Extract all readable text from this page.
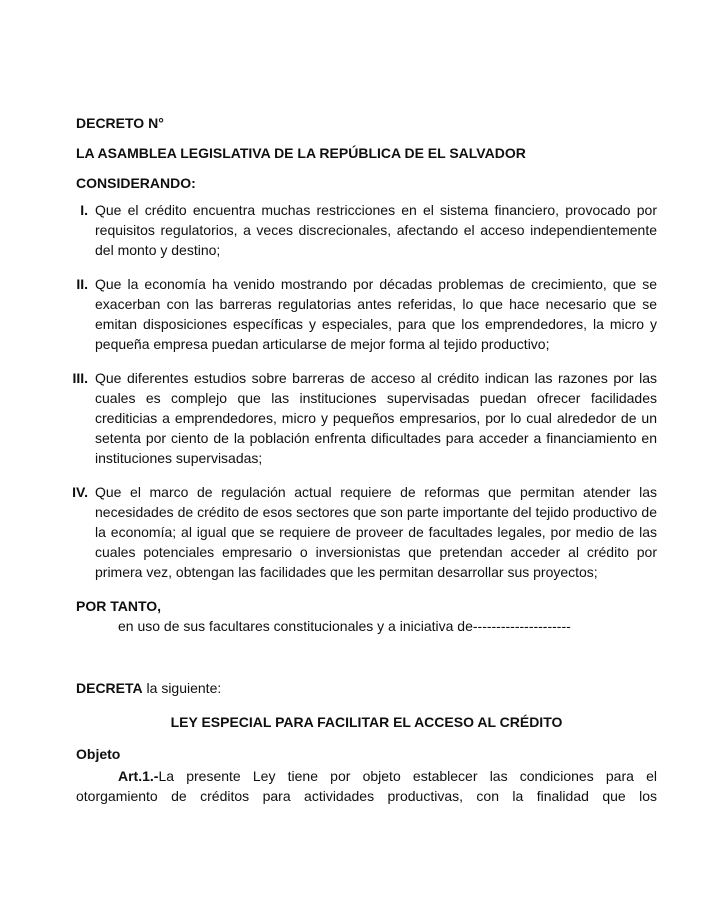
DECRETO N°

LA ASAMBLEA LEGISLATIVA DE LA REPÚBLICA DE EL SALVADOR

CONSIDERANDO:

I. Que el crédito encuentra muchas restricciones en el sistema financiero, provocado por requisitos regulatorios, a veces discrecionales, afectando el acceso independientemente del monto y destino;
II. Que la economía ha venido mostrando por décadas problemas de crecimiento, que se exacerban con las barreras regulatorias antes referidas, lo que hace necesario que se emitan disposiciones específicas y especiales, para que los emprendedores, la micro y pequeña empresa puedan articularse de mejor forma al tejido productivo;
III. Que diferentes estudios sobre barreras de acceso al crédito indican las razones por las cuales es complejo que las instituciones supervisadas puedan ofrecer facilidades crediticias a emprendedores, micro y pequeños empresarios, por lo cual alrededor de un setenta por ciento de la población enfrenta dificultades para acceder a financiamiento en instituciones supervisadas;
IV. Que el marco de regulación actual requiere de reformas que permitan atender las necesidades de crédito de esos sectores que son parte importante del tejido productivo de la economía; al igual que se requiere de proveer de facultades legales, por medio de las cuales potenciales empresario o inversionistas que pretendan acceder al crédito por primera vez, obtengan las facilidades que les permitan desarrollar sus proyectos;

POR TANTO,

en uso de sus facultares constitucionales y a iniciativa de---------------------

DECRETA la siguiente:

LEY ESPECIAL PARA FACILITAR EL ACCESO AL CRÉDITO

Objeto

Art.1.-La presente Ley tiene por objeto establecer las condiciones para el otorgamiento de créditos para actividades productivas, con la finalidad que los
